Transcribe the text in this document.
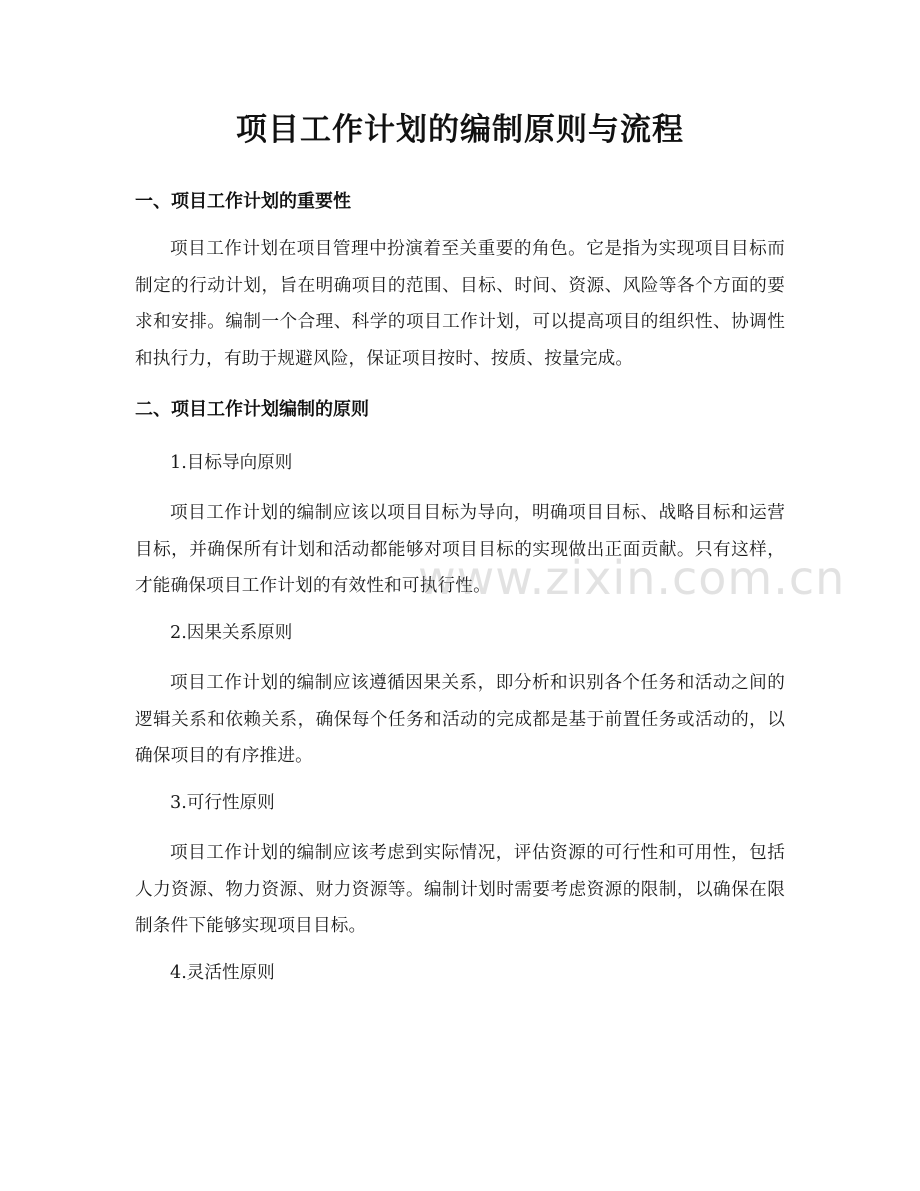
项目工作计划的编制原则与流程
一、项目工作计划的重要性
项目工作计划在项目管理中扮演着至关重要的角色。它是指为实现项目目标而制定的行动计划，旨在明确项目的范围、目标、时间、资源、风险等各个方面的要求和安排。编制一个合理、科学的项目工作计划，可以提高项目的组织性、协调性和执行力，有助于规避风险，保证项目按时、按质、按量完成。
二、项目工作计划编制的原则
1.目标导向原则
项目工作计划的编制应该以项目目标为导向，明确项目目标、战略目标和运营目标，并确保所有计划和活动都能够对项目目标的实现做出正面贡献。只有这样，才能确保项目工作计划的有效性和可执行性。
2.因果关系原则
项目工作计划的编制应该遵循因果关系，即分析和识别各个任务和活动之间的逻辑关系和依赖关系，确保每个任务和活动的完成都是基于前置任务或活动的，以确保项目的有序推进。
3.可行性原则
项目工作计划的编制应该考虑到实际情况，评估资源的可行性和可用性，包括人力资源、物力资源、财力资源等。编制计划时需要考虑资源的限制，以确保在限制条件下能够实现项目目标。
4.灵活性原则
www.zixin.com.cn
